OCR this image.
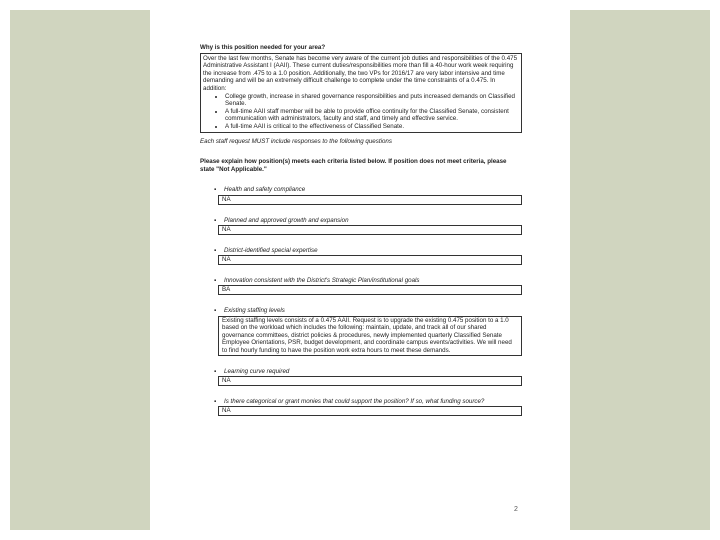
Why is this position needed for your area?

Over the last few months, Senate has become very aware of the current job duties and responsibilities of the 0.475 Administrative Assistant I (AAII). These current duties/responsibilities more than fill a 40-hour work week requiring the increase from .475 to a 1.0 position. Additionally, the two VPs for 2016/17 are very labor intensive and time demanding and will be an extremely difficult challenge to complete under the time constraints of a 0.475. In addition:
• College growth, increase in shared governance responsibilities and puts increased demands on Classified Senate.
• A full-time AAII staff member will be able to provide office continuity for the Classified Senate, consistent communication with administrators, faculty and staff, and timely and effective service.
• A full-time AAII is critical to the effectiveness of Classified Senate.

Each staff request MUST include responses to the following questions

Please explain how position(s) meets each criteria listed below. If position does not meet criteria, please state "Not Applicable."

▪ Health and safety compliance
NA
▪ Planned and approved growth and expansion
NA
▪ District-identified special expertise
NA
▪ Innovation consistent with the District's Strategic Plan/institutional goals
BA
▪ Existing staffing levels
Existing staffing levels consists of a 0.475 AAII. Request is to upgrade the existing 0.475 position to a 1.0 based on the workload which includes the following: maintain, update, and track all of our shared governance committees, district policies & procedures, newly implemented quarterly Classified Senate Employee Orientations, PSR, budget development, and coordinate campus events/activities. We will need to find hourly funding to have the position work extra hours to meet these demands.
▪ Learning curve required
NA
▪ Is there categorical or grant monies that could support the position? If so, what funding source?
NA
2
